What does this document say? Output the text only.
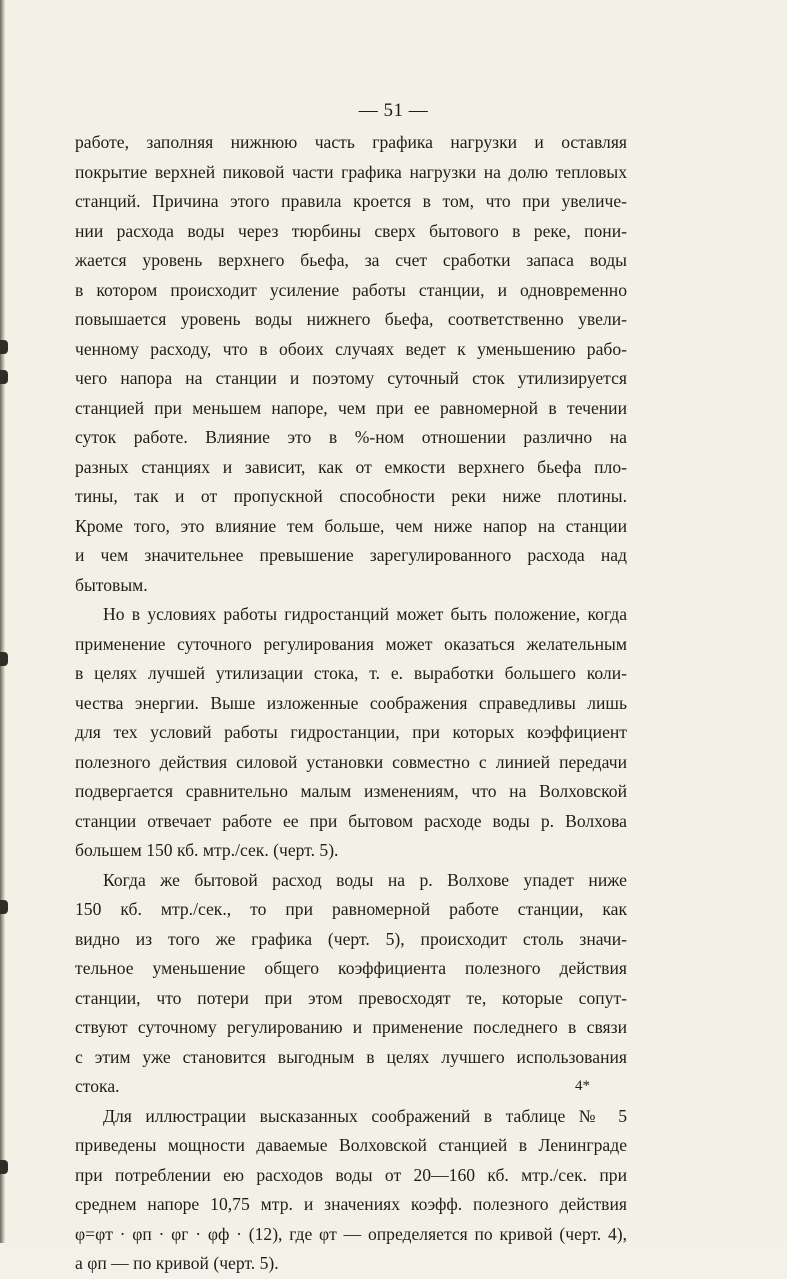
— 51 —
работе, заполняя нижнюю часть графика нагрузки и оставляя
покрытие верхней пиковой части графика нагрузки на долю тепловых
станций. Причина этого правила кроется в том, что при увеличе-
нии расхода воды через тюрбины сверх бытового в реке, пони-
жается уровень верхнего бьефа, за счет сработки запаса воды
в котором происходит усиление работы станции, и одновременно
повышается уровень воды нижнего бьефа, соответственно увели-
ченному расходу, что в обоих случаях ведет к уменьшению рабо-
чего напора на станции и поэтому суточный сток утилизируется
станцией при меньшем напоре, чем при ее равномерной в течении
суток работе. Влияние это в %-ном отношении различно на
разных станциях и зависит, как от емкости верхнего бьефа пло-
тины, так и от пропускной способности реки ниже плотины.
Кроме того, это влияние тем больше, чем ниже напор на станции
и чем значительнее превышение зарегулированного расхода над
бытовым.
Но в условиях работы гидростанций может быть положение, когда
применение суточного регулирования может оказаться желательным
в целях лучшей утилизации стока, т. е. выработки большего коли-
чества энергии. Выше изложенные соображения справедливы лишь
для тех условий работы гидростанции, при которых коэффициент
полезного действия силовой установки совместно с линией передачи
подвергается сравнительно малым изменениям, что на Волховской
станции отвечает работе ее при бытовом расходе воды р. Волхова
большем 150 кб. мтр./сек. (черт. 5).
Когда же бытовой расход воды на р. Волхове упадет ниже
150 кб. мтр./сек., то при равномерной работе станции, как
видно из того же графика (черт. 5), происходит столь значи-
тельное уменьшение общего коэффициента полезного действия
станции, что потери при этом превосходят те, которые сопут-
ствуют суточному регулированию и применение последнего в связи
с этим уже становится выгодным в целях лучшего использования
стока.
Для иллюстрации высказанных соображений в таблице № 5
приведены мощности даваемые Волховской станцией в Ленинграде
при потреблении ею расходов воды от 20—160 кб. мтр./сек. при
среднем напоре 10,75 мтр. и значениях коэфф. полезного действия
φ=φт · φп · φг · φф · (12), где φт — определяется по кривой (черт. 4),
а φп — по кривой (черт. 5).
4*
